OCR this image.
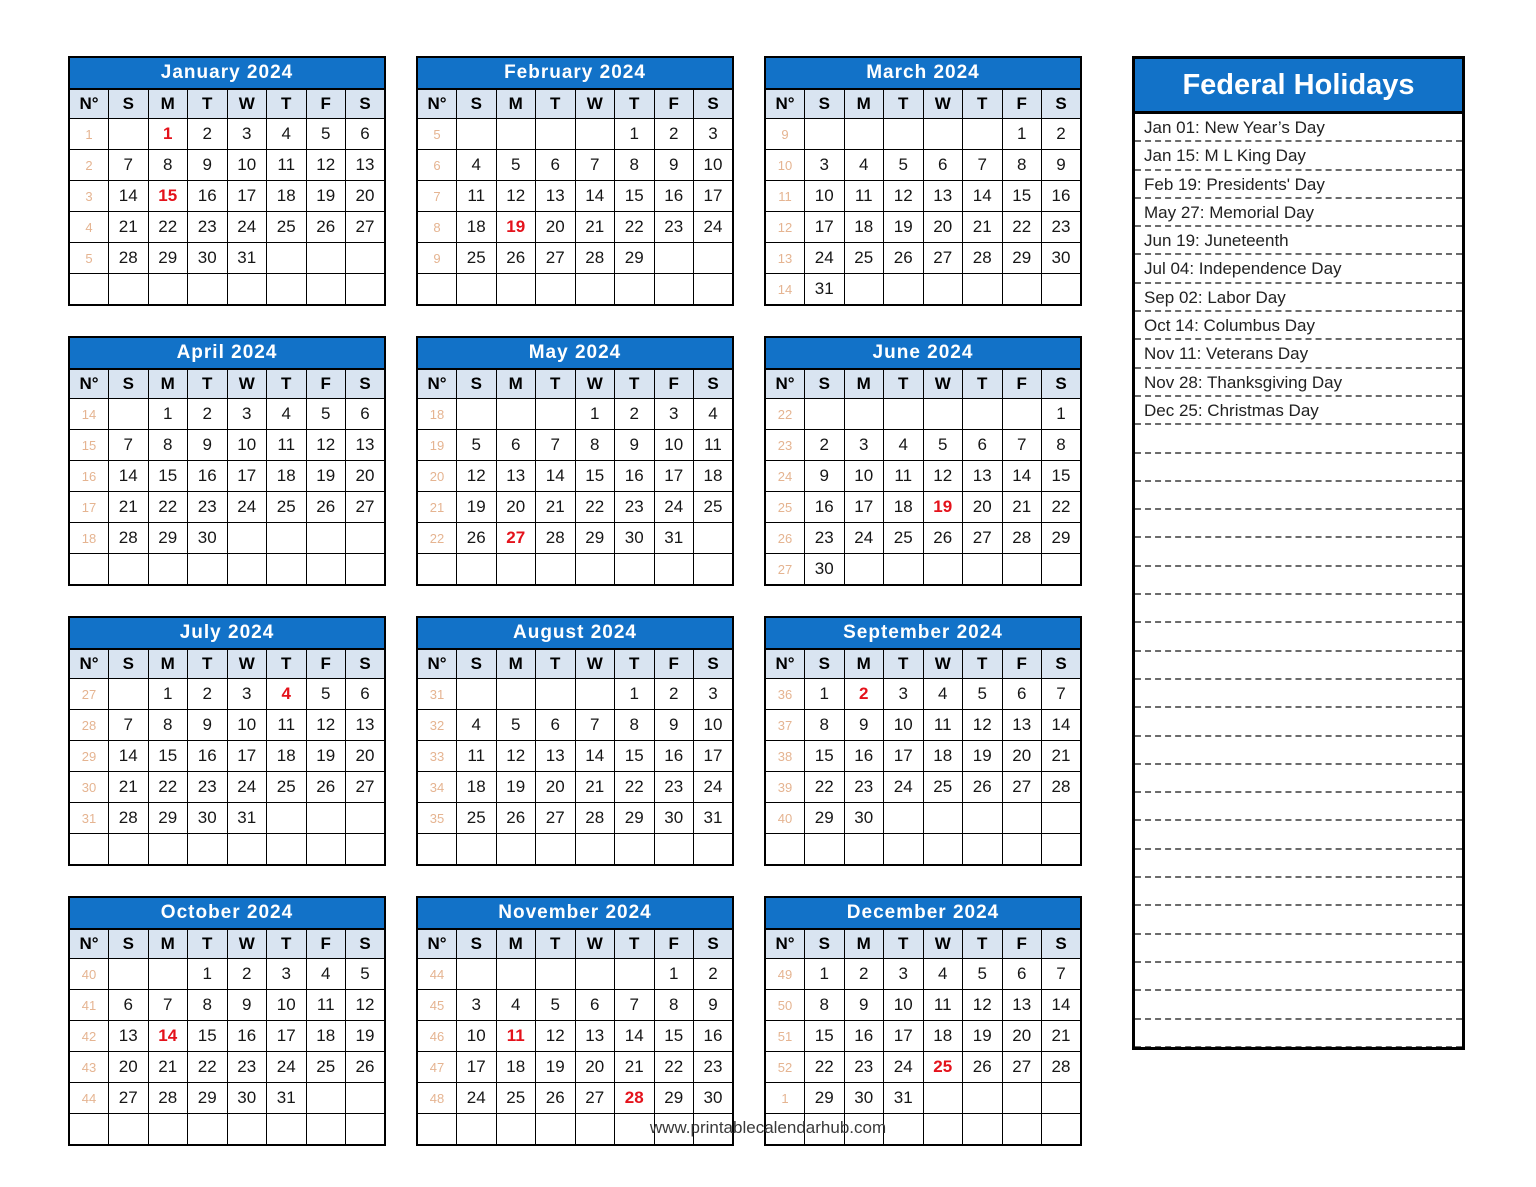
January 2024							
N°	S	M	T	W	T	F	S
1		1	2	3	4	5	6
2	7	8	9	10	11	12	13
3	14	15	16	17	18	19	20
4	21	22	23	24	25	26	27
5	28	29	30	31			

February 2024							
N°	S	M	T	W	T	F	S
5					1	2	3
6	4	5	6	7	8	9	10
7	11	12	13	14	15	16	17
8	18	19	20	21	22	23	24
9	25	26	27	28	29		

March 2024							
N°	S	M	T	W	T	F	S
9						1	2
10	3	4	5	6	7	8	9
11	10	11	12	13	14	15	16
12	17	18	19	20	21	22	23
13	24	25	26	27	28	29	30
14	31						
April 2024							
N°	S	M	T	W	T	F	S
14		1	2	3	4	5	6
15	7	8	9	10	11	12	13
16	14	15	16	17	18	19	20
17	21	22	23	24	25	26	27
18	28	29	30				

May 2024							
N°	S	M	T	W	T	F	S
18				1	2	3	4
19	5	6	7	8	9	10	11
20	12	13	14	15	16	17	18
21	19	20	21	22	23	24	25
22	26	27	28	29	30	31	

June 2024							
N°	S	M	T	W	T	F	S
22							1
23	2	3	4	5	6	7	8
24	9	10	11	12	13	14	15
25	16	17	18	19	20	21	22
26	23	24	25	26	27	28	29
27	30						
July 2024							
N°	S	M	T	W	T	F	S
27		1	2	3	4	5	6
28	7	8	9	10	11	12	13
29	14	15	16	17	18	19	20
30	21	22	23	24	25	26	27
31	28	29	30	31			

August 2024							
N°	S	M	T	W	T	F	S
31					1	2	3
32	4	5	6	7	8	9	10
33	11	12	13	14	15	16	17
34	18	19	20	21	22	23	24
35	25	26	27	28	29	30	31

September 2024							
N°	S	M	T	W	T	F	S
36	1	2	3	4	5	6	7
37	8	9	10	11	12	13	14
38	15	16	17	18	19	20	21
39	22	23	24	25	26	27	28
40	29	30					

October 2024							
N°	S	M	T	W	T	F	S
40			1	2	3	4	5
41	6	7	8	9	10	11	12
42	13	14	15	16	17	18	19
43	20	21	22	23	24	25	26
44	27	28	29	30	31		

November 2024							
N°	S	M	T	W	T	F	S
44						1	2
45	3	4	5	6	7	8	9
46	10	11	12	13	14	15	16
47	17	18	19	20	21	22	23
48	24	25	26	27	28	29	30

December 2024							
N°	S	M	T	W	T	F	S
49	1	2	3	4	5	6	7
50	8	9	10	11	12	13	14
51	15	16	17	18	19	20	21
52	22	23	24	25	26	27	28
1	29	30	31				

Federal Holidays
Jan 01: New Year’s Day
Jan 15: M L King Day
Feb 19: Presidents' Day
May 27: Memorial Day
Jun 19: Juneteenth
Jul 04: Independence Day
Sep 02: Labor Day
Oct 14: Columbus Day
Nov 11: Veterans Day
Nov 28: Thanksgiving Day
Dec 25: Christmas Day
www.printablecalendarhub.com
